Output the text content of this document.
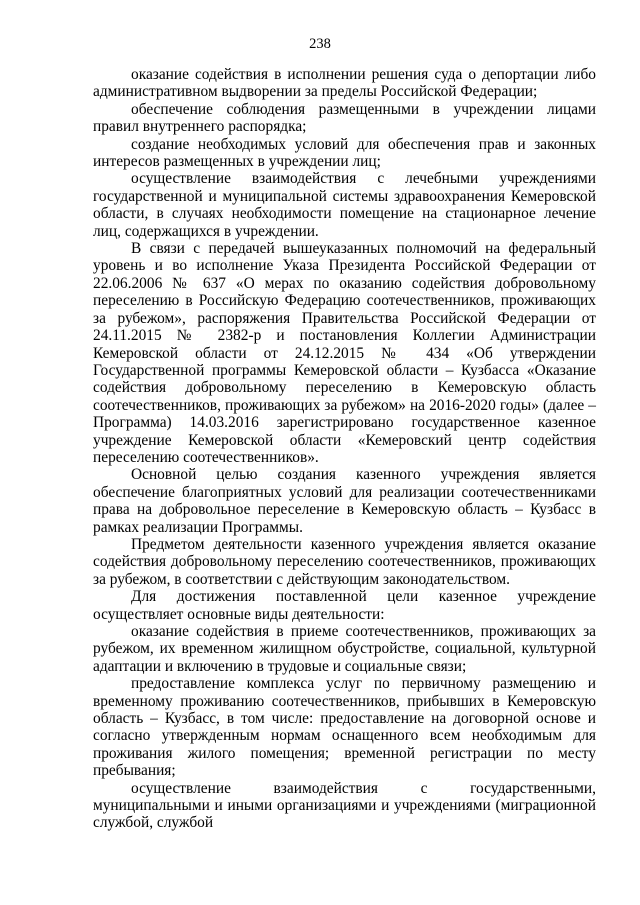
238

оказание содействия в исполнении решения суда о депортации либо административном выдворении за пределы Российской Федерации;

обеспечение соблюдения размещенными в учреждении лицами правил внутреннего распорядка;

создание необходимых условий для обеспечения прав и законных интересов размещенных в учреждении лиц;

осуществление взаимодействия с лечебными учреждениями государственной и муниципальной системы здравоохранения Кемеровской области, в случаях необходимости помещение на стационарное лечение лиц, содержащихся в учреждении.

В связи с передачей вышеуказанных полномочий на федеральный уровень и во исполнение Указа Президента Российской Федерации от 22.06.2006 № 637 «О мерах по оказанию содействия добровольному переселению в Российскую Федерацию соотечественников, проживающих за рубежом», распоряжения Правительства Российской Федерации от 24.11.2015 № 2382-р и постановления Коллегии Администрации Кемеровской области от 24.12.2015 № 434 «Об утверждении Государственной программы Кемеровской области – Кузбасса «Оказание содействия добровольному переселению в Кемеровскую область соотечественников, проживающих за рубежом» на 2016-2020 годы» (далее – Программа) 14.03.2016 зарегистрировано государственное казенное учреждение Кемеровской области «Кемеровский центр содействия переселению соотечественников».

Основной целью создания казенного учреждения является обеспечение благоприятных условий для реализации соотечественниками права на добровольное переселение в Кемеровскую область – Кузбасс в рамках реализации Программы.

Предметом деятельности казенного учреждения является оказание содействия добровольному переселению соотечественников, проживающих за рубежом, в соответствии с действующим законодательством.

Для достижения поставленной цели казенное учреждение осуществляет основные виды деятельности:

оказание содействия в приеме соотечественников, проживающих за рубежом, их временном жилищном обустройстве, социальной, культурной адаптации и включению в трудовые и социальные связи;

предоставление комплекса услуг по первичному размещению и временному проживанию соотечественников, прибывших в Кемеровскую область – Кузбасс, в том числе: предоставление на договорной основе и согласно утвержденным нормам оснащенного всем необходимым для проживания жилого помещения; временной регистрации по месту пребывания;

осуществление взаимодействия с государственными, муниципальными и иными организациями и учреждениями (миграционной службой, службой
